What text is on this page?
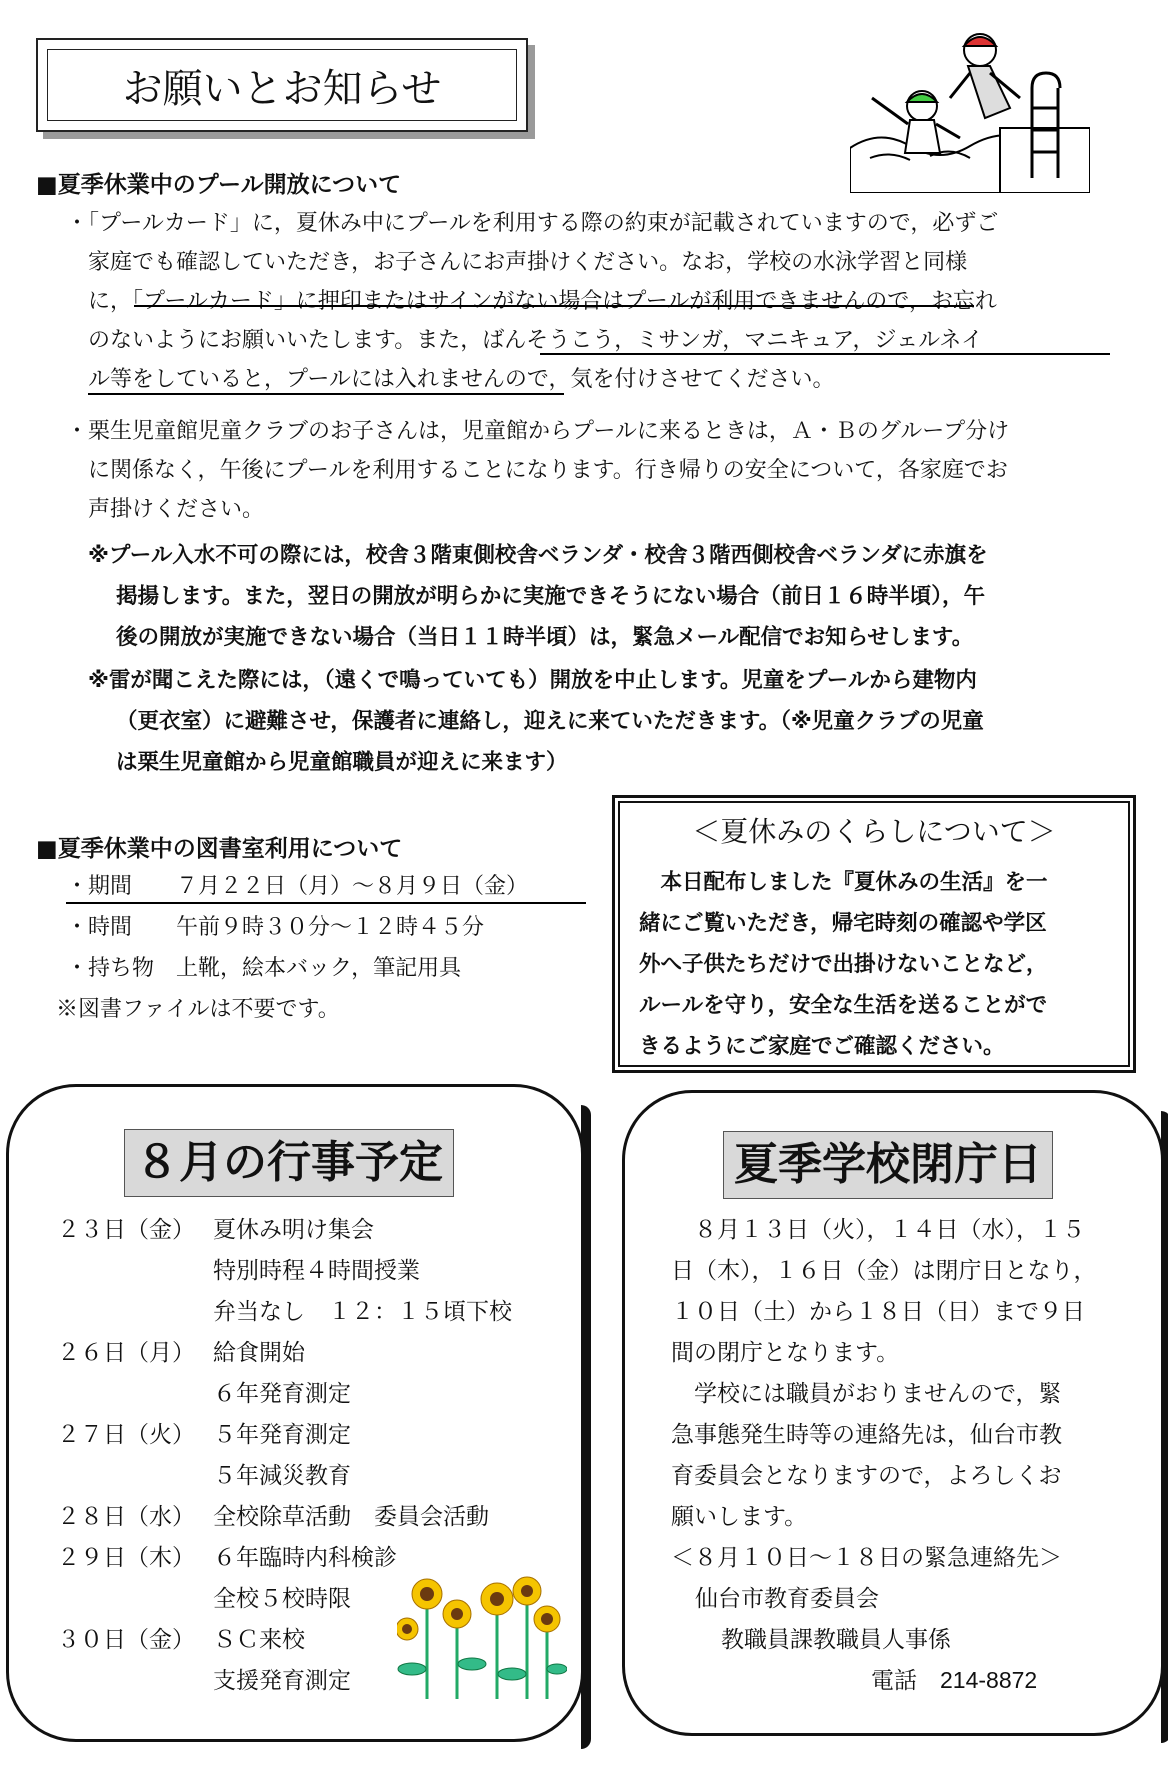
お願いとお知らせ
■夏季休業中のプール開放について
・「プールカード」に，夏休み中にプールを利用する際の約束が記載されていますので，必ずご
家庭でも確認していただき，お子さんにお声掛けください。なお，学校の水泳学習と同様
に，「プールカード」に押印またはサインがない場合はプールが利用できませんので，お忘れ
のないようにお願いいたします。また，ばんそうこう，ミサンガ，マニキュア，ジェルネイ
ル等をしていると，プールには入れませんので，気を付けさせてください。
・栗生児童館児童クラブのお子さんは，児童館からプールに来るときは，Ａ・Ｂのグループ分け
に関係なく，午後にプールを利用することになります。行き帰りの安全について，各家庭でお
声掛けください。
※プール入水不可の際には，校舎３階東側校舎ベランダ・校舎３階西側校舎ベランダに赤旗を
掲揚します。また，翌日の開放が明らかに実施できそうにない場合（前日１６時半頃），午
後の開放が実施できない場合（当日１１時半頃）は，緊急メール配信でお知らせします。
※雷が聞こえた際には，（遠くで鳴っていても）開放を中止します。児童をプールから建物内
（更衣室）に避難させ，保護者に連絡し，迎えに来ていただきます。（※児童クラブの児童
は栗生児童館から児童館職員が迎えに来ます）
■夏季休業中の図書室利用について
・期間　　７月２２日（月）～８月９日（金）
・時間　　午前９時３０分～１２時４５分
・持ち物　上靴，絵本バック，筆記用具
※図書ファイルは不要です。
＜夏休みのくらしについて＞
　本日配布しました『夏休みの生活』を一
緒にご覧いただき，帰宅時刻の確認や学区
外へ子供たちだけで出掛けないことなど，
ルールを守り，安全な生活を送ることがで
きるようにご家庭でご確認ください。
８月の行事予定
２３日（金） 夏休み明け集会
特別時程４時間授業
弁当なし　１２：１５頃下校
２６日（月） 給食開始
６年発育測定
２７日（火） ５年発育測定
５年減災教育
２８日（水） 全校除草活動　委員会活動
２９日（木） ６年臨時内科検診
全校５校時限
３０日（金） ＳＣ来校
支援発育測定
夏季学校閉庁日
　８月１３日（火），１４日（水），１５
日（木），１６日（金）は閉庁日となり，
１０日（土）から１８日（日）まで９日
間の閉庁となります。
　学校には職員がおりませんので，緊
急事態発生時等の連絡先は，仙台市教
育委員会となりますので，よろしくお
願いします。
＜８月１０日～１８日の緊急連絡先＞
仙台市教育委員会
教職員課教職員人事係
電話　214-8872
